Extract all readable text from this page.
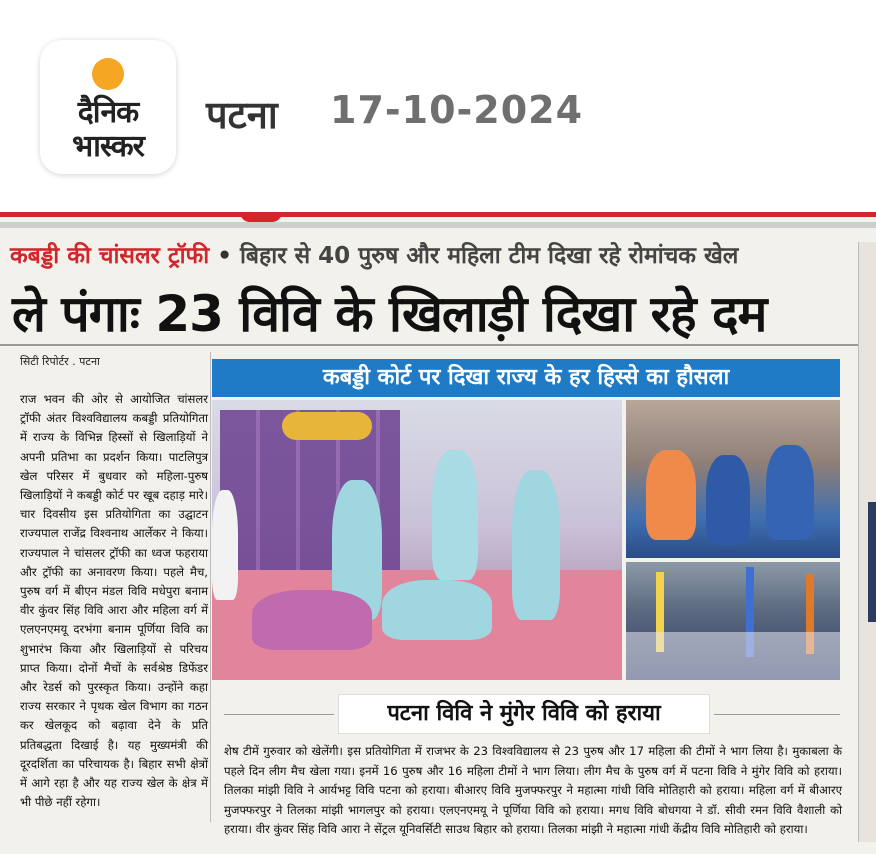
दैनिक
भास्कर
पटना 17-10-2024
कबड्डी की चांसलर ट्रॉफी • बिहार से 40 पुरुष और महिला टीम दिखा रहे रोमांचक खेल
ले पंगाः 23 विवि के खिलाड़ी दिखा रहे दम
सिटी रिपोर्टर . पटना
राज भवन की ओर से आयोजित चांसलर ट्रॉफी अंतर विश्वविद्यालय कबड्डी प्रतियोगिता में राज्य के विभिन्न हिस्सों से खिलाड़ियों ने अपनी प्रतिभा का प्रदर्शन किया। पाटलिपुत्र खेल परिसर में बुधवार को महिला-पुरुष खिलाड़ियों ने कबड्डी कोर्ट पर खूब दहाड़ मारे। चार दिवसीय इस प्रतियोगिता का उद्घाटन राज्यपाल राजेंद्र विश्वनाथ आर्लेकर ने किया। राज्यपाल ने चांसलर ट्रॉफी का ध्वज फहराया और ट्रॉफी का अनावरण किया। पहले मैच, पुरुष वर्ग में बीएन मंडल विवि मधेपुरा बनाम वीर कुंवर सिंह विवि आरा और महिला वर्ग में एलएनएमयू दरभंगा बनाम पूर्णिया विवि का शुभारंभ किया और खिलाड़ियों से परिचय प्राप्त किया। दोनों मैचों के सर्वश्रेष्ठ डिफेंडर और रेडर्स को पुरस्कृत किया। उन्होंने कहा राज्य सरकार ने पृथक खेल विभाग का गठन कर खेलकूद को बढ़ावा देने के प्रति प्रतिबद्धता दिखाई है। यह मुख्यमंत्री की दूरदर्शिता का परिचायक है। बिहार सभी क्षेत्रों में आगे रहा है और यह राज्य खेल के क्षेत्र में भी पीछे नहीं रहेगा।
कबड्डी कोर्ट पर दिखा राज्य के हर हिस्से का हौसला
पटना विवि ने मुंगेर विवि को हराया
शेष टीमें गुरुवार को खेलेंगी। इस प्रतियोगिता में राजभर के 23 विश्वविद्यालय से 23 पुरुष और 17 महिला की टीमों ने भाग लिया है। मुकाबला के पहले दिन लीग मैच खेला गया। इनमें 16 पुरुष और 16 महिला टीमों ने भाग लिया। लीग मैच के पुरुष वर्ग में पटना विवि ने मुंगेर विवि को हराया। तिलका मांझी विवि ने आर्यभट्ट विवि पटना को हराया। बीआरए विवि मुजफ्फरपुर ने महात्मा गांधी विवि मोतिहारी को हराया। महिला वर्ग में बीआरए मुजफ्फरपुर ने तिलका मांझी भागलपुर को हराया। एलएनएमयू ने पूर्णिया विवि को हराया। मगध विवि बोधगया ने डॉ. सीवी रमन विवि वैशाली को हराया। वीर कुंवर सिंह विवि आरा ने सेंट्रल यूनिवर्सिटी साउथ बिहार को हराया। तिलका मांझी ने महात्मा गांधी केंद्रीय विवि मोतिहारी को हराया।
